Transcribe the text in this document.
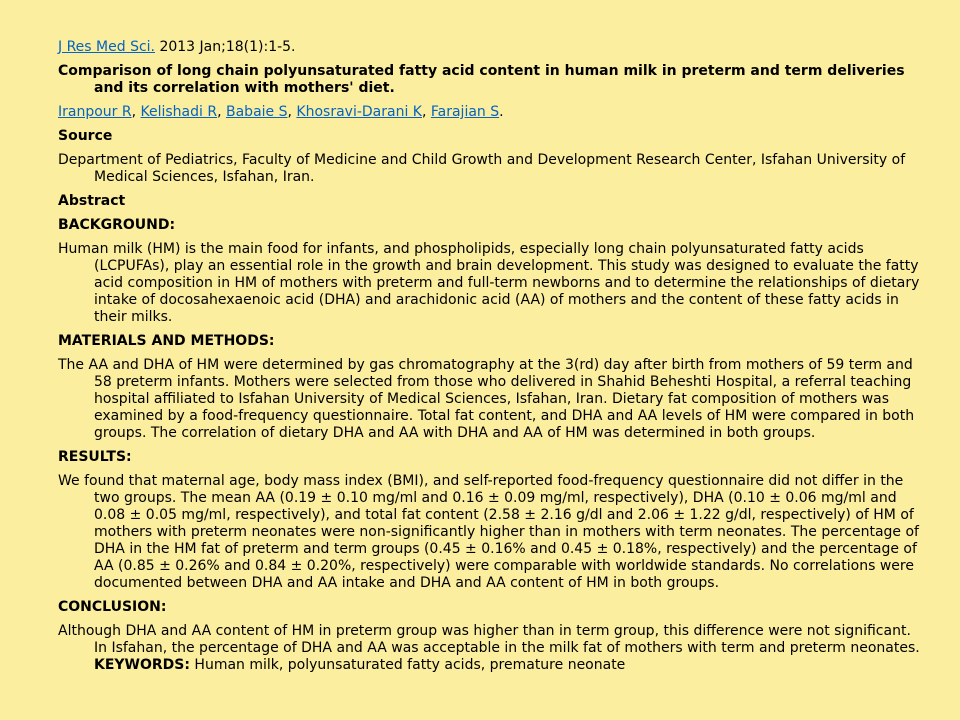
J Res Med Sci. 2013 Jan;18(1):1-5.

Comparison of long chain polyunsaturated fatty acid content in human milk in preterm and term deliveries and its correlation with mothers' diet.

Iranpour R, Kelishadi R, Babaie S, Khosravi-Darani K, Farajian S.

Source

Department of Pediatrics, Faculty of Medicine and Child Growth and Development Research Center, Isfahan University of Medical Sciences, Isfahan, Iran.

Abstract

BACKGROUND:

Human milk (HM) is the main food for infants, and phospholipids, especially long chain polyunsaturated fatty acids (LCPUFAs), play an essential role in the growth and brain development. This study was designed to evaluate the fatty acid composition in HM of mothers with preterm and full-term newborns and to determine the relationships of dietary intake of docosahexaenoic acid (DHA) and arachidonic acid (AA) of mothers and the content of these fatty acids in their milks.

MATERIALS AND METHODS:

The AA and DHA of HM were determined by gas chromatography at the 3(rd) day after birth from mothers of 59 term and 58 preterm infants. Mothers were selected from those who delivered in Shahid Beheshti Hospital, a referral teaching hospital affiliated to Isfahan University of Medical Sciences, Isfahan, Iran. Dietary fat composition of mothers was examined by a food-frequency questionnaire. Total fat content, and DHA and AA levels of HM were compared in both groups. The correlation of dietary DHA and AA with DHA and AA of HM was determined in both groups.

RESULTS:

We found that maternal age, body mass index (BMI), and self-reported food-frequency questionnaire did not differ in the two groups. The mean AA (0.19 ± 0.10 mg/ml and 0.16 ± 0.09 mg/ml, respectively), DHA (0.10 ± 0.06 mg/ml and 0.08 ± 0.05 mg/ml, respectively), and total fat content (2.58 ± 2.16 g/dl and 2.06 ± 1.22 g/dl, respectively) of HM of mothers with preterm neonates were non-significantly higher than in mothers with term neonates. The percentage of DHA in the HM fat of preterm and term groups (0.45 ± 0.16% and 0.45 ± 0.18%, respectively) and the percentage of AA (0.85 ± 0.26% and 0.84 ± 0.20%, respectively) were comparable with worldwide standards. No correlations were documented between DHA and AA intake and DHA and AA content of HM in both groups.

CONCLUSION:

Although DHA and AA content of HM in preterm group was higher than in term group, this difference were not significant. In Isfahan, the percentage of DHA and AA was acceptable in the milk fat of mothers with term and preterm neonates. KEYWORDS: Human milk, polyunsaturated fatty acids, premature neonate
